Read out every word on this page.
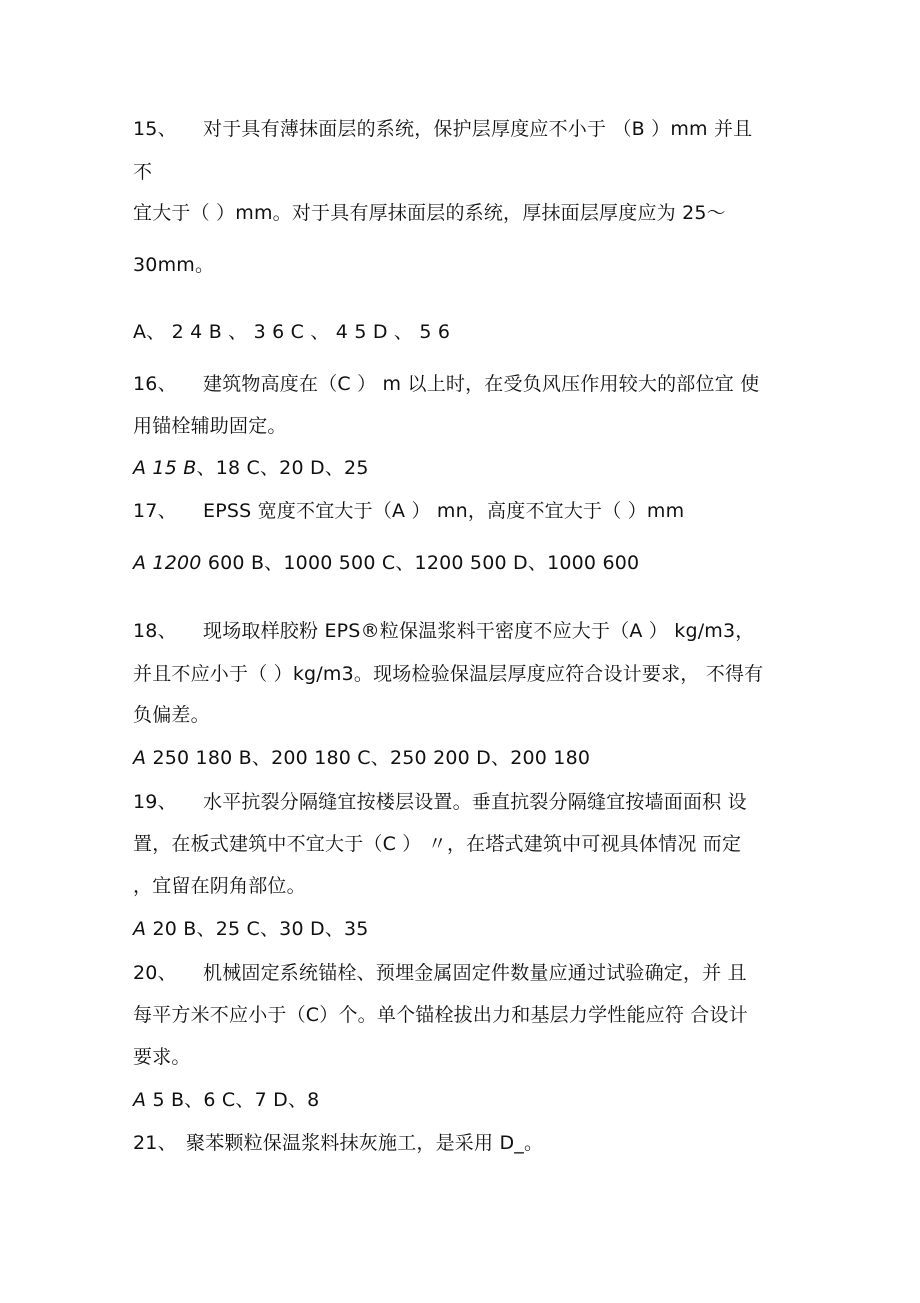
15、 对于具有薄抹面层的系统，保护层厚度应不小于 （B ）mm 并且
不
宜大于（ ）mm。对于具有厚抹面层的系统，厚抹面层厚度应为 25〜
30mm。
A、 2 4 B 、 3 6 C 、 4 5 D 、 5 6
16、 建筑物高度在（C ） m 以上时，在受负风压作用较大的部位宜 使
用锚栓辅助固定。
A 15 B、18 C、20 D、25
17、 EPSS 宽度不宜大于（A ） mn，高度不宜大于（ ）mm
A 1200 600 B、1000 500 C、1200 500 D、1000 600
18、 现场取样胶粉 EPS®粒保温浆料干密度不应大于（A ） kg/m3，
并且不应小于（ ）kg/m3。现场检验保温层厚度应符合设计要求， 不得有
负偏差。
A 250 180 B、200 180 C、250 200 D、200 180
19、 水平抗裂分隔缝宜按楼层设置。垂直抗裂分隔缝宜按墙面面积 设
置，在板式建筑中不宜大于（C ） 〃，在塔式建筑中可视具体情况 而定
，宜留在阴角部位。
A 20 B、25 C、30 D、35
20、 机械固定系统锚栓、预埋金属固定件数量应通过试验确定，并 且
每平方米不应小于（C）个。单个锚栓拔出力和基层力学性能应符 合设计
要求。
A 5 B、6 C、7 D、8
21、 聚苯颗粒保温浆料抹灰施工，是采用 D_。
